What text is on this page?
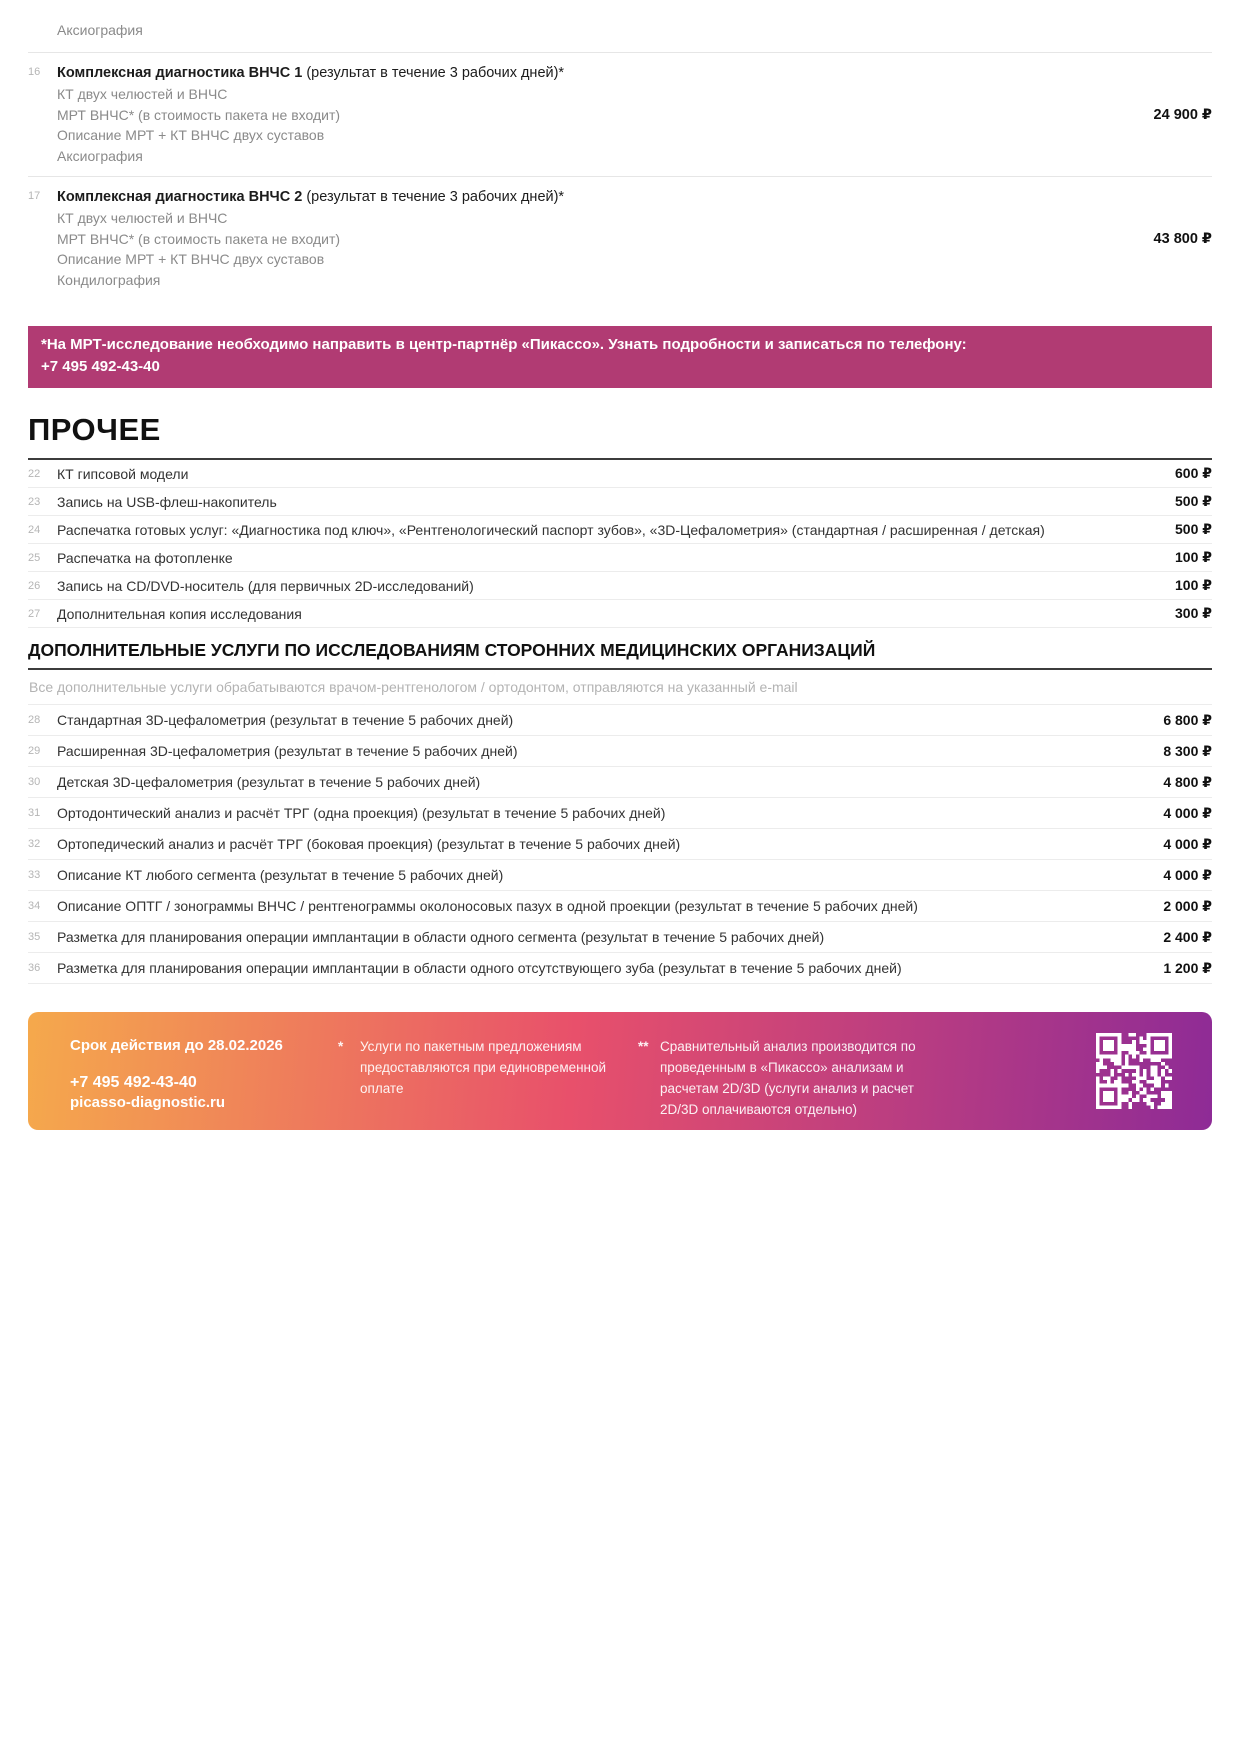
Аксиография
16	Комплексная диагностика ВНЧС 1 (результат в течение 3 рабочих дней)*
КТ двух челюстей и ВНЧС
МРТ ВНЧС* (в стоимость пакета не входит)
Описание МРТ + КТ ВНЧС двух суставов
Аксиография
24 900 ₽
17	Комплексная диагностика ВНЧС 2 (результат в течение 3 рабочих дней)*
КТ двух челюстей и ВНЧС
МРТ ВНЧС* (в стоимость пакета не входит)
Описание МРТ + КТ ВНЧС двух суставов
Кондилография
43 800 ₽
*На МРТ-исследование необходимо направить в центр-партнёр «Пикассо». Узнать подробности и записаться по телефону:
+7 495 492-43-40
ПРОЧЕЕ
22	КТ гипсовой модели	600 ₽
23	Запись на USB-флеш-накопитель	500 ₽
24	Распечатка готовых услуг: «Диагностика под ключ», «Рентгенологический паспорт зубов», «3D-Цефалометрия» (стандартная / расширенная / детская)	500 ₽
25	Распечатка на фотопленке	100 ₽
26	Запись на CD/DVD-носитель (для первичных 2D-исследований)	100 ₽
27	Дополнительная копия исследования	300 ₽
ДОПОЛНИТЕЛЬНЫЕ УСЛУГИ ПО ИССЛЕДОВАНИЯМ СТОРОННИХ МЕДИЦИНСКИХ ОРГАНИЗАЦИЙ
Все дополнительные услуги обрабатываются врачом-рентгенологом / ортодонтом, отправляются на указанный e-mail
28	Стандартная 3D-цефалометрия (результат в течение 5 рабочих дней)	6 800 ₽
29	Расширенная 3D-цефалометрия (результат в течение 5 рабочих дней)	8 300 ₽
30	Детская 3D-цефалометрия (результат в течение 5 рабочих дней)	4 800 ₽
31	Ортодонтический анализ и расчёт ТРГ (одна проекция) (результат в течение 5 рабочих дней)	4 000 ₽
32	Ортопедический анализ и расчёт ТРГ (боковая проекция) (результат в течение 5 рабочих дней)	4 000 ₽
33	Описание КТ любого сегмента (результат в течение 5 рабочих дней)	4 000 ₽
34	Описание ОПТГ / зонограммы ВНЧС / рентгенограммы околоносовых пазух в одной проекции (результат в течение 5 рабочих дней)	2 000 ₽
35	Разметка для планирования операции имплантации в области одного сегмента (результат в течение 5 рабочих дней)	2 400 ₽
36	Разметка для планирования операции имплантации в области одного отсутствующего зуба (результат в течение 5 рабочих дней)	1 200 ₽
Срок действия до 28.02.2026
+7 495 492-43-40
picasso-diagnostic.ru
*	Услуги по пакетным предложениям предоставляются при единовременной оплате
** Сравнительный анализ производится по проведенным в «Пикассо» анализам и расчетам 2D/3D (услуги анализ и расчет 2D/3D оплачиваются отдельно)
